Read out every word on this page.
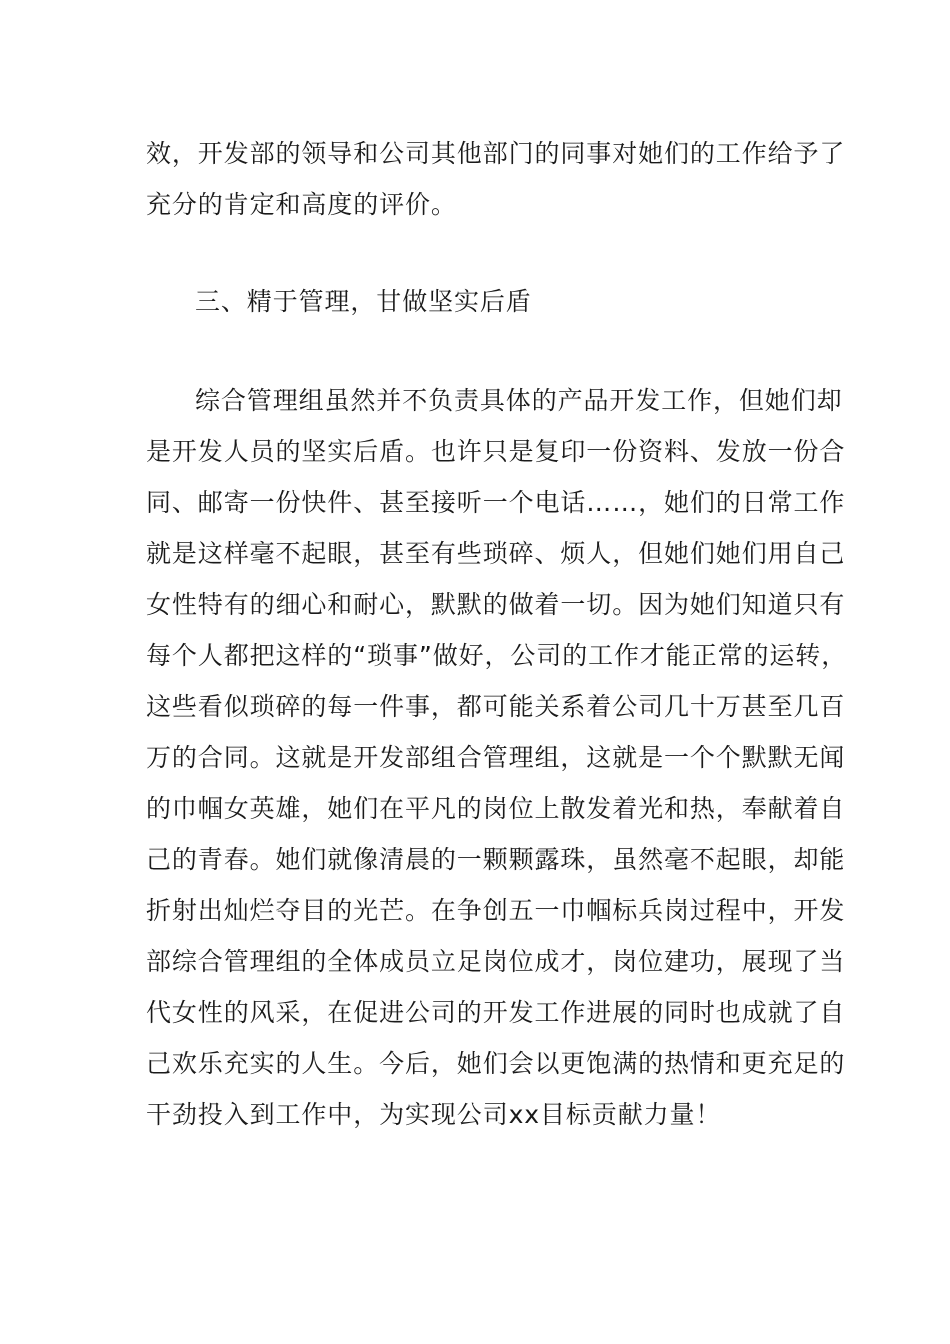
效，开发部的领导和公司其他部门的同事对她们的工作给予了
充分的肯定和高度的评价。
三、精于管理，甘做坚实后盾
综合管理组虽然并不负责具体的产品开发工作，但她们却
是开发人员的坚实后盾。也许只是复印一份资料、发放一份合
同、邮寄一份快件、甚至接听一个电话……，她们的日常工作
就是这样毫不起眼，甚至有些琐碎、烦人，但她们她们用自己
女性特有的细心和耐心，默默的做着一切。因为她们知道只有
每个人都把这样的“琐事”做好，公司的工作才能正常的运转，
这些看似琐碎的每一件事，都可能关系着公司几十万甚至几百
万的合同。这就是开发部组合管理组，这就是一个个默默无闻
的巾帼女英雄，她们在平凡的岗位上散发着光和热，奉献着自
己的青春。她们就像清晨的一颗颗露珠，虽然毫不起眼，却能
折射出灿烂夺目的光芒。在争创五一巾帼标兵岗过程中，开发
部综合管理组的全体成员立足岗位成才，岗位建功，展现了当
代女性的风采，在促进公司的开发工作进展的同时也成就了自
己欢乐充实的人生。今后，她们会以更饱满的热情和更充足的
干劲投入到工作中，为实现公司xx目标贡献力量！
